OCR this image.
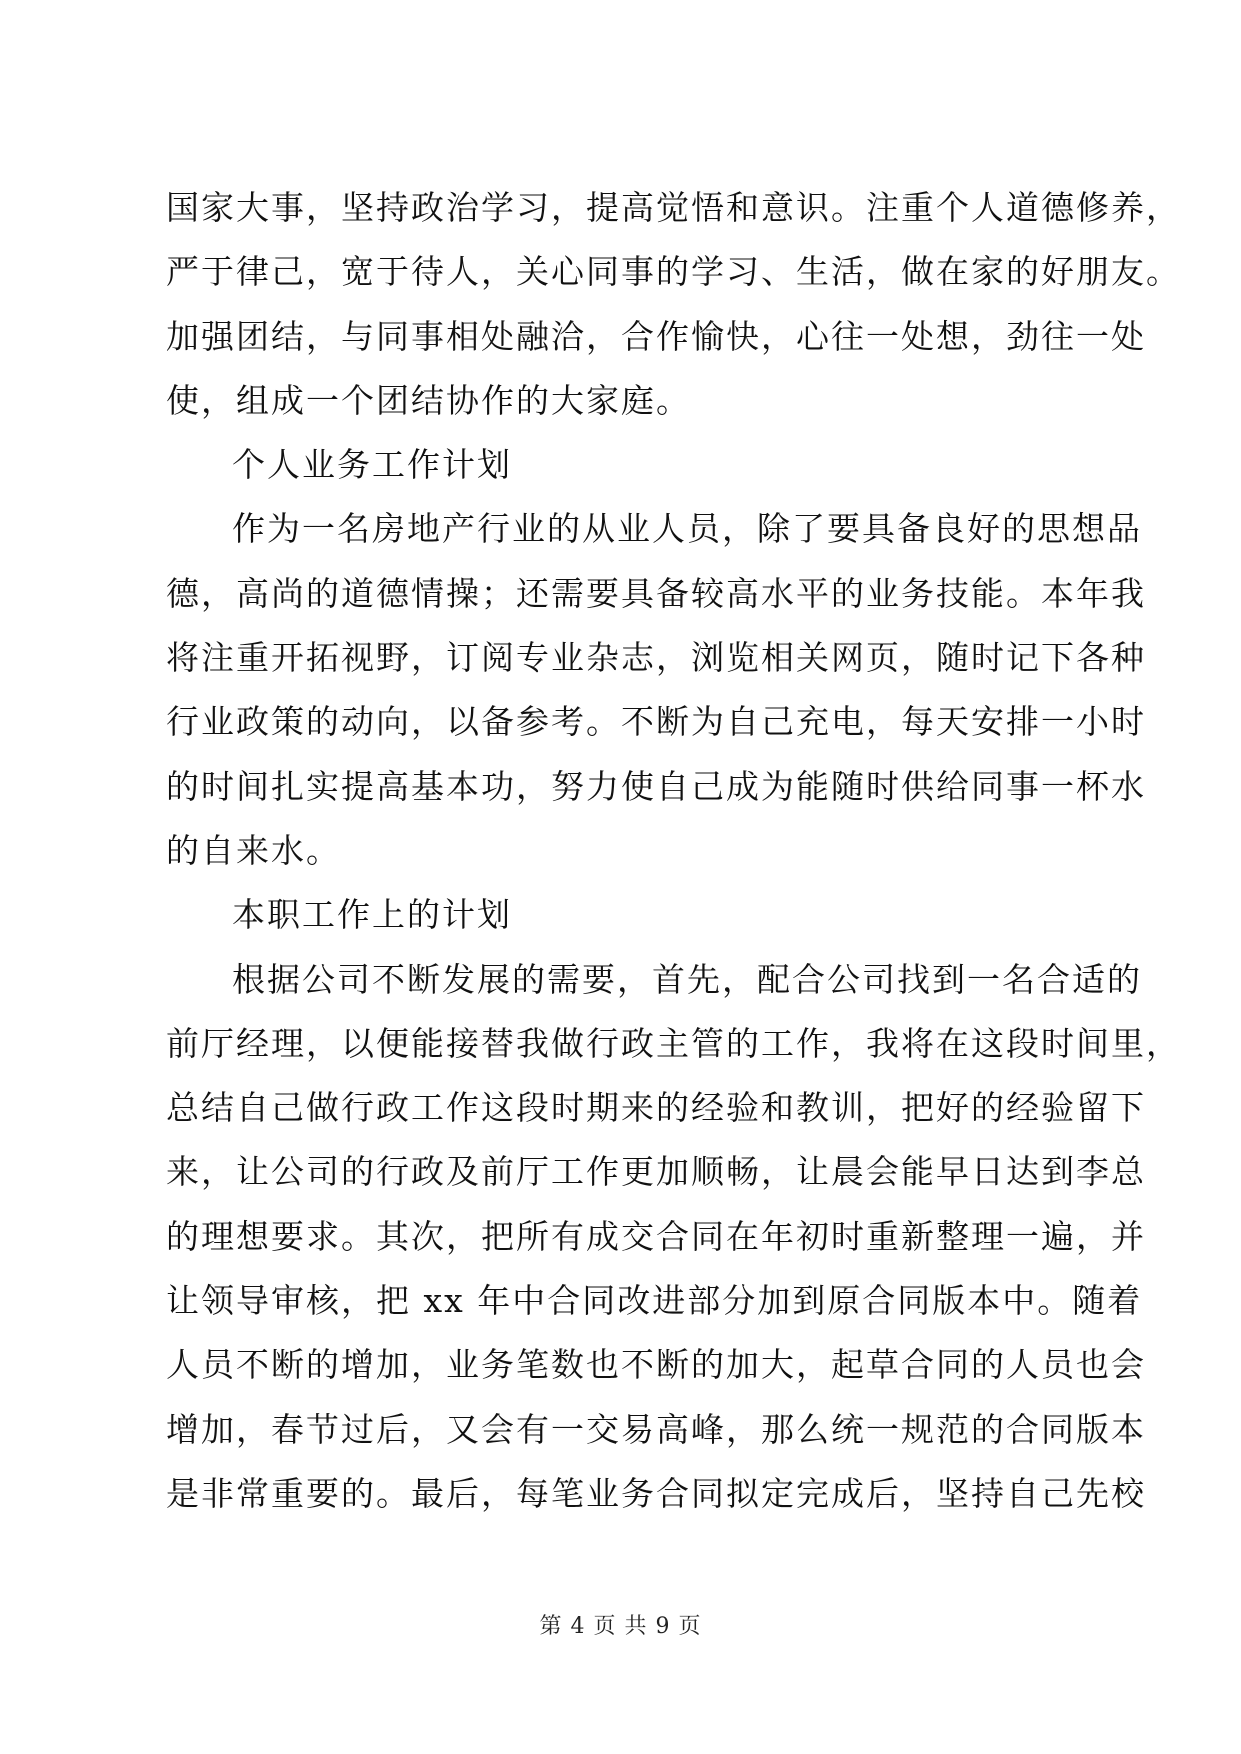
国家大事，坚持政治学习，提高觉悟和意识。注重个人道德修养，
严于律己，宽于待人，关心同事的学习、生活，做在家的好朋友。
加强团结，与同事相处融洽，合作愉快，心往一处想，劲往一处
使，组成一个团结协作的大家庭。
个人业务工作计划
作为一名房地产行业的从业人员，除了要具备良好的思想品
德，高尚的道德情操；还需要具备较高水平的业务技能。本年我
将注重开拓视野，订阅专业杂志，浏览相关网页，随时记下各种
行业政策的动向，以备参考。不断为自己充电，每天安排一小时
的时间扎实提高基本功，努力使自己成为能随时供给同事一杯水
的自来水。
本职工作上的计划
根据公司不断发展的需要，首先，配合公司找到一名合适的
前厅经理，以便能接替我做行政主管的工作，我将在这段时间里，
总结自己做行政工作这段时期来的经验和教训，把好的经验留下
来，让公司的行政及前厅工作更加顺畅，让晨会能早日达到李总
的理想要求。其次，把所有成交合同在年初时重新整理一遍，并
让领导审核，把 xx 年中合同改进部分加到原合同版本中。随着
人员不断的增加，业务笔数也不断的加大，起草合同的人员也会
增加，春节过后，又会有一交易高峰，那么统一规范的合同版本
是非常重要的。最后，每笔业务合同拟定完成后，坚持自己先校
第 4 页 共 9 页
